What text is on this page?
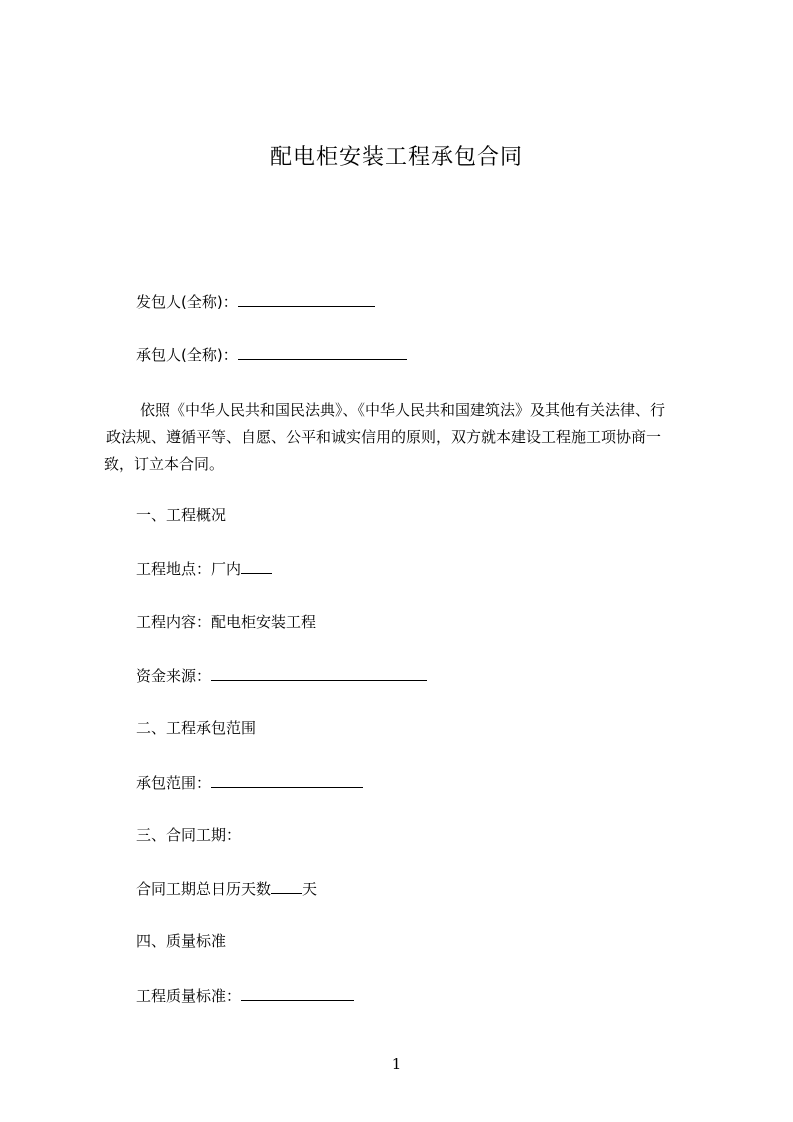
配电柜安装工程承包合同
发包人(全称)：
承包人(全称)：
依照《中华人民共和国民法典》、《中华人民共和国建筑法》及其他有关法律、行
政法规、遵循平等、自愿、公平和诚实信用的原则，双方就本建设工程施工项协商一
致，订立本合同。
一、工程概况
工程地点：厂内
工程内容：配电柜安装工程
资金来源：
二、工程承包范围
承包范围：
三、合同工期：
合同工期总日历天数 天
四、质量标准
工程质量标准：
1
